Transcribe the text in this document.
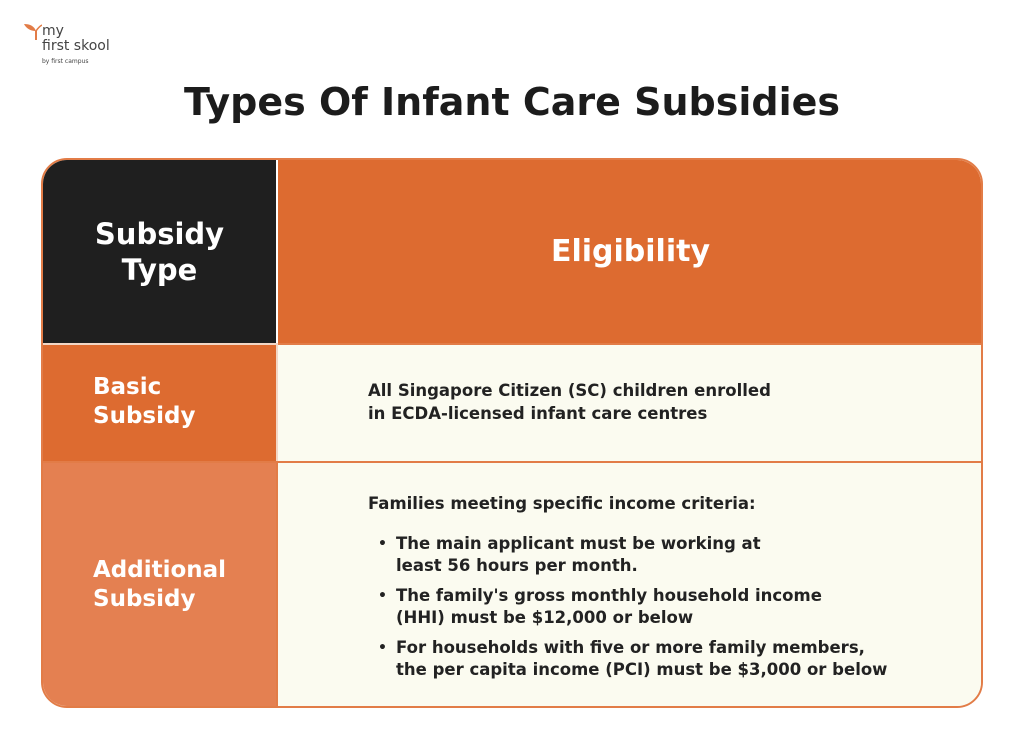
my
first skool
by first campus
Types Of Infant Care Subsidies
Subsidy
Type
Eligibility
Basic
Subsidy
All Singapore Citizen (SC) children enrolled
in ECDA-licensed infant care centres
Additional
Subsidy
Families meeting specific income criteria:
• The main applicant must be working at
least 56 hours per month.
• The family's gross monthly household income
(HHI) must be $12,000 or below
• For households with five or more family members,
the per capita income (PCI) must be $3,000 or below
